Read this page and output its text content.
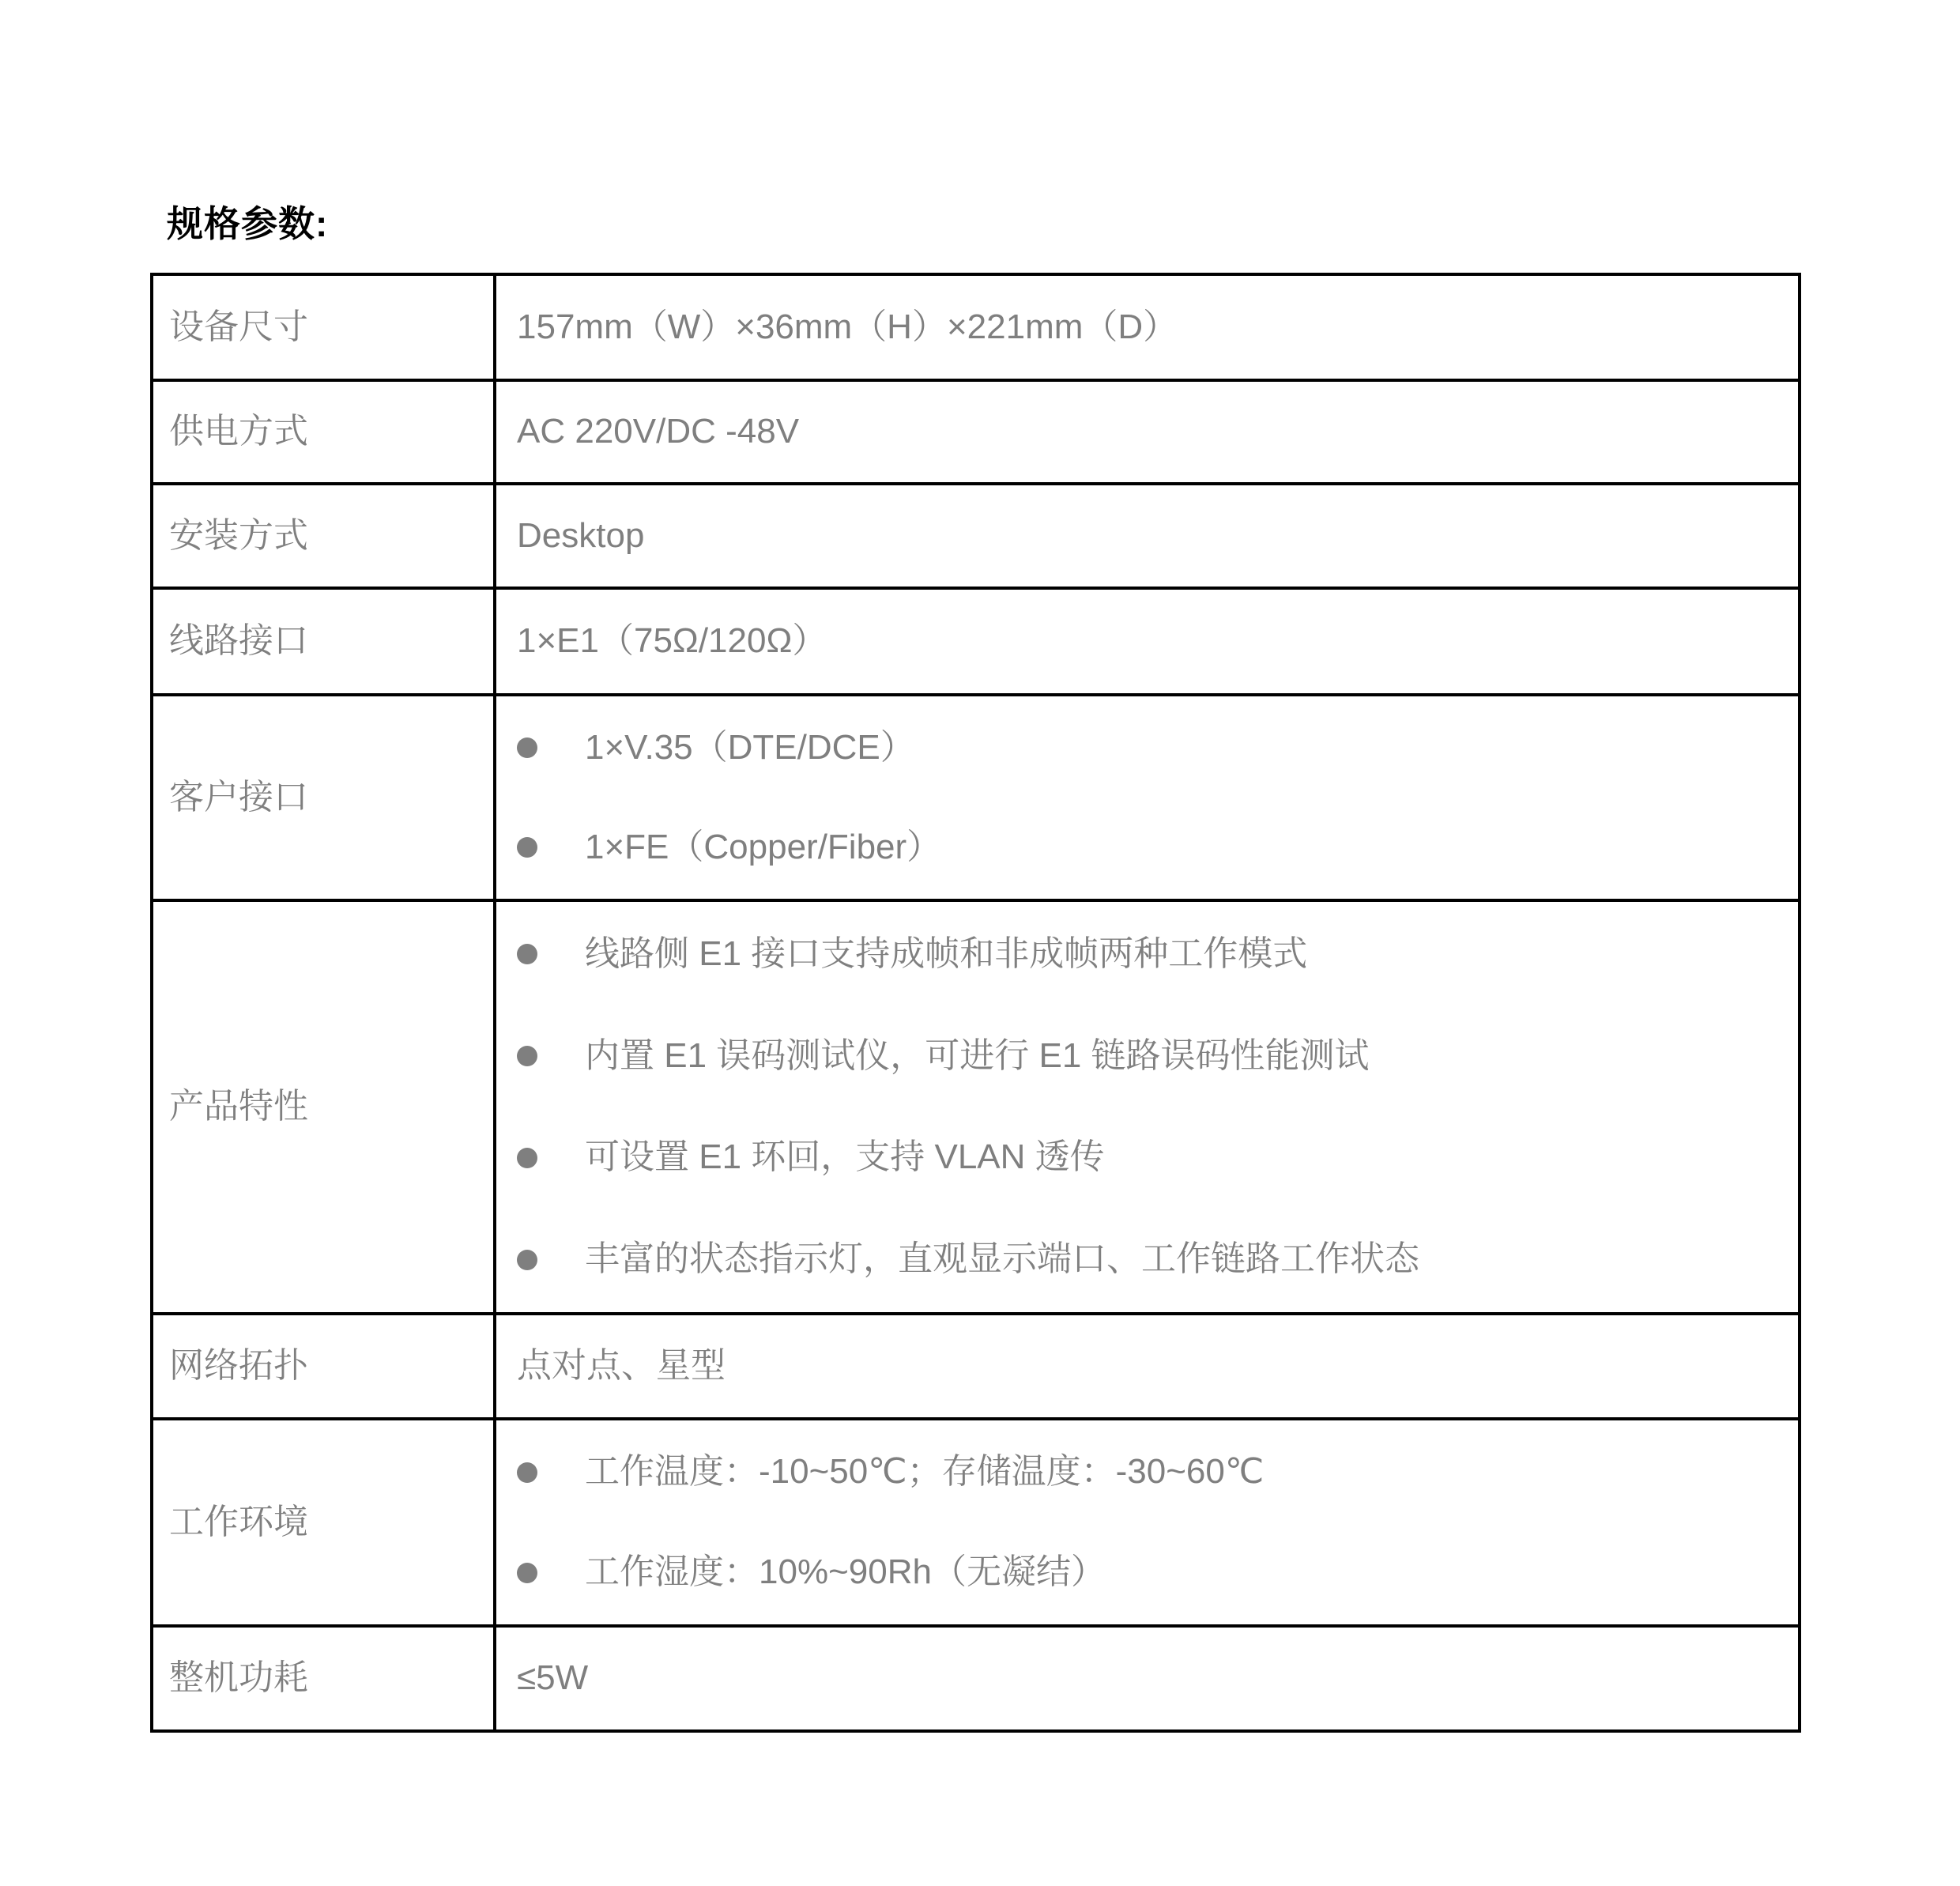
规格参数:
设备尺寸	157mm（W）×36mm（H）×221mm（D）
供电方式	AC 220V/DC -48V
安装方式	Desktop
线路接口	1×E1（75Ω/120Ω）
客户接口	1×V.35（DTE/DCE）
1×FE（Copper/Fiber）

产品特性	线路侧 E1 接口支持成帧和非成帧两种工作模式
内置 E1 误码测试仪，可进行 E1 链路误码性能测试
可设置 E1 环回，支持 VLAN 透传
丰富的状态指示灯，直观显示端口、工作链路工作状态

网络拓扑	点对点、星型
工作环境	工作温度：-10~50℃；存储温度：-30~60℃
工作湿度：10%~90Rh（无凝结）

整机功耗	≤5W
